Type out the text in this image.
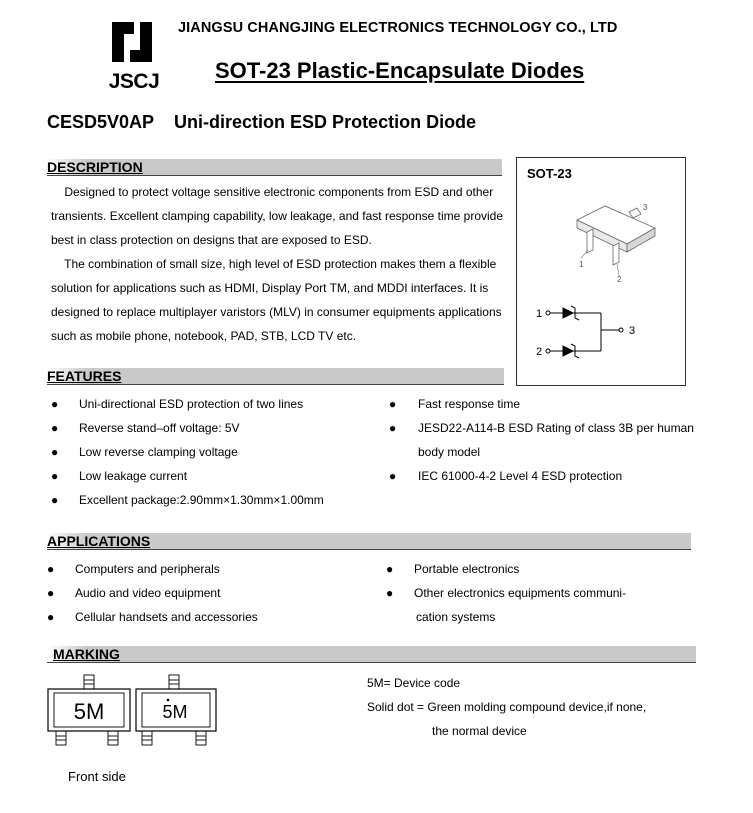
JSCJ
JIANGSU CHANGJING ELECTRONICS TECHNOLOGY CO., LTD
SOT-23 Plastic-Encapsulate Diodes
CESD5V0AP Uni-direction ESD Protection Diode
DESCRIPTION
Designed to protect voltage sensitive electronic components from ESD and other
transients. Excellent clamping capability, low leakage, and fast response time provide
best in class protection on designs that are exposed to ESD.
The combination of small size, high level of ESD protection makes them a flexible
solution for applications such as HDMI, Display Port TM, and MDDI interfaces. It is
designed to replace multiplayer varistors (MLV) in consumer equipments applications
such as mobile phone, notebook, PAD, STB, LCD TV etc.
SOT-23
3
1
2
1
2
3
FEATURES
● Uni-directional ESD protection of two lines
● Reverse stand–off voltage: 5V
● Low reverse clamping voltage
● Low leakage current
● Excellent package:2.90mm×1.30mm×1.00mm
● Fast response time
● JESD22-A114-B ESD Rating of class 3B per human
body model
● IEC 61000-4-2 Level 4 ESD protection
APPLICATIONS
● Computers and peripherals
● Audio and video equipment
● Cellular handsets and accessories
● Portable electronics
● Other electronics equipments communi-
cation systems
MARKING
5M	5M
Front side
5M= Device code
Solid dot = Green molding compound device,if none,
the normal device
